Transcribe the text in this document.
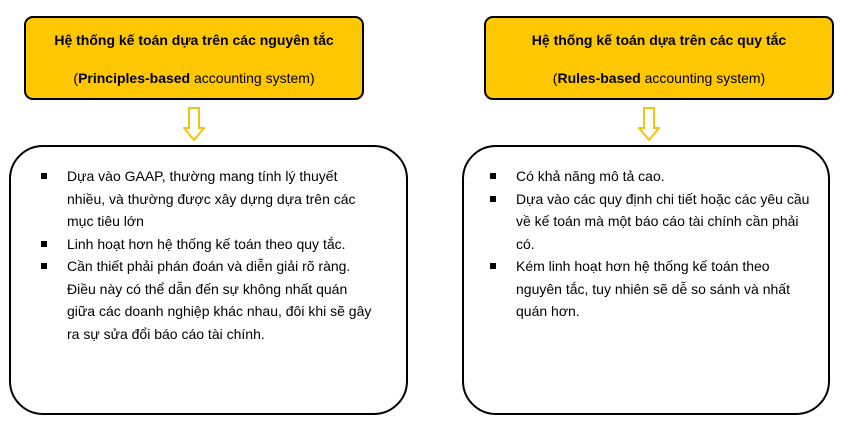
Hệ thống kế toán dựa trên các nguyên tắc
(Principles-based accounting system)
Hệ thống kế toán dựa trên các quy tắc
(Rules-based accounting system)
Dựa vào GAAP, thường mang tính lý thuyết nhiều, và thường được xây dựng dựa trên các mục tiêu lớn
Linh hoạt hơn hệ thống kế toán theo quy tắc.
Cần thiết phải phán đoán và diễn giải rõ ràng. Điều này có thể dẫn đến sự không nhất quán giữa các doanh nghiệp khác nhau, đôi khi sẽ gây ra sự sửa đổi báo cáo tài chính.
Có khả năng mô tả cao.
Dựa vào các quy định chi tiết hoặc các yêu cầu về kế toán mà một báo cáo tài chính cần phải có.
Kém linh hoạt hơn hệ thống kế toán theo nguyên tắc, tuy nhiên sẽ dễ so sánh và nhất quán hơn.
